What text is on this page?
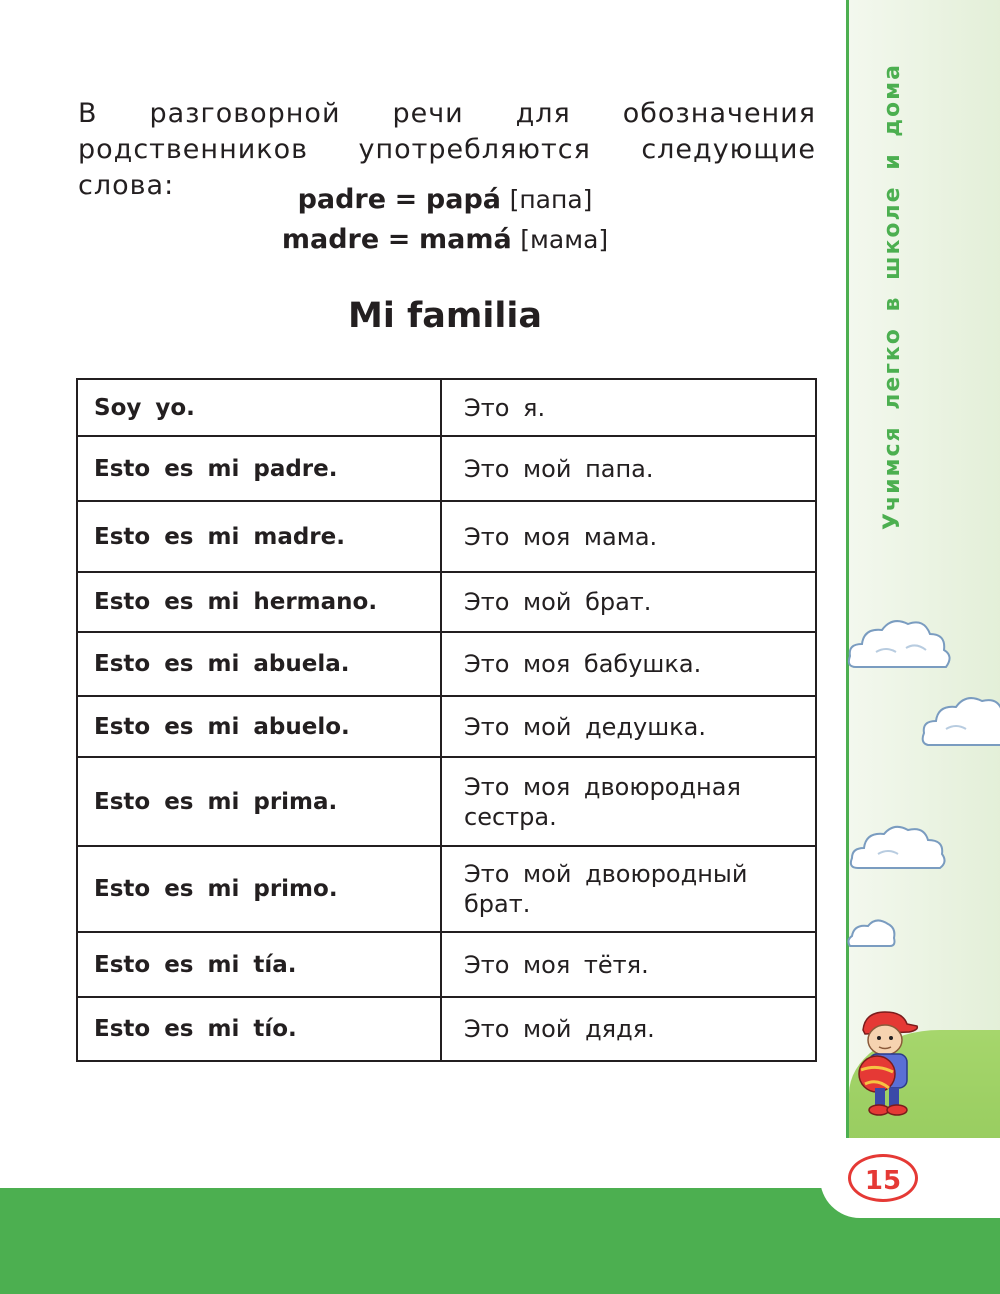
Учимся легко в школе и дома
15

В разговорной речи для обозначения родственников употребляются следующие слова:	padre = papá [папа]
madre = mamá [мама]
Mi familia
Soy yo.	Это я.
Esto es mi padre.	Это мой папа.
Esto es mi madre.	Это моя мама.
Esto es mi hermano.	Это мой брат.
Esto es mi abuela.	Это моя бабушка.
Esto es mi abuelo.	Это мой дедушка.
Esto es mi prima.	Это моя двоюродная сестра.
Esto es mi primo.	Это мой двоюродный брат.
Esto es mi tía.	Это моя тётя.
Esto es mi tío.	Это мой дядя.
